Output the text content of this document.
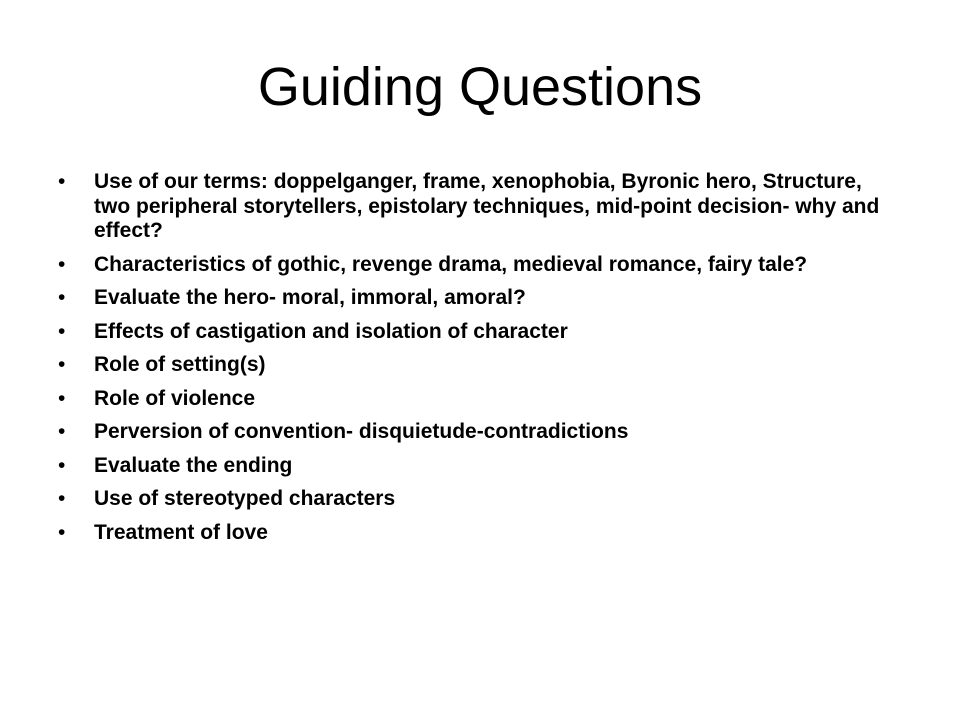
Guiding Questions
• Use of our terms: doppelganger, frame, xenophobia, Byronic hero, Structure, two peripheral storytellers, epistolary techniques, mid-point decision- why and effect?
• Characteristics of gothic, revenge drama, medieval romance, fairy tale?
• Evaluate the hero- moral, immoral, amoral?
• Effects of castigation and isolation of character
• Role of setting(s)
• Role of violence
• Perversion of convention- disquietude-contradictions
• Evaluate the ending
• Use of stereotyped characters
• Treatment of love
